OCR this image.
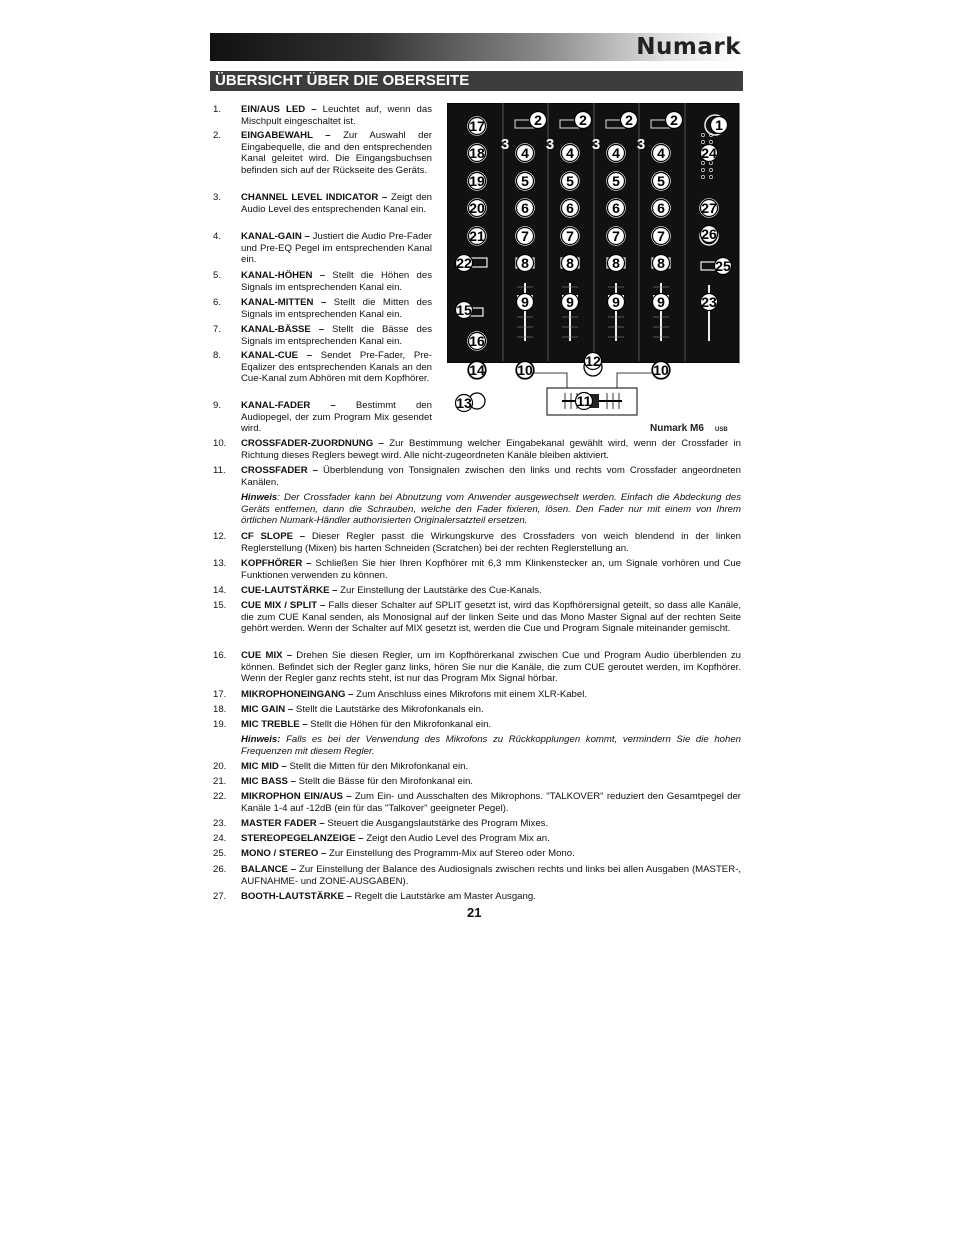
Numark
ÜBERSICHT ÜBER DIE OBERSEITE
17	2	2	2	2	1
18 3 4 3 4 3 4 3 4	24
19	5	5	5	5
20	6	6	6	6	27
21	7	7	7	7	26
22	8	8	8	8	25
15	9	9	9	9	23
16
14 10
12
10
13	11
Numark M6 USB
1. EIN/AUS LED – Leuchtet auf, wenn das Mischpult eingeschaltet ist.
2. EINGABEWAHL – Zur Auswahl der Eingabequelle, die and den entsprechenden Kanal geleitet wird. Die Eingangsbuchsen befinden sich auf der Rückseite des Geräts.
3. CHANNEL LEVEL INDICATOR – Zeigt den Audio Level des entsprechenden Kanal ein.
4. KANAL-GAIN – Justiert die Audio Pre-Fader und Pre-EQ Pegel im entsprechenden Kanal ein.
5. KANAL-HÖHEN – Stellt die Höhen des Signals im entsprechenden Kanal ein.
6. KANAL-MITTEN – Stellt die Mitten des Signals im entsprechenden Kanal ein.
7. KANAL-BÄSSE – Stellt die Bässe des Signals im entsprechenden Kanal ein.
8. KANAL-CUE – Sendet Pre-Fader, Pre-Eqalizer des entsprechenden Kanals an den Cue-Kanal zum Abhören mit dem Kopfhörer.
9. KANAL-FADER – Bestimmt den Audiopegel, der zum Program Mix gesendet wird.
10. CROSSFADER-ZUORDNUNG – Zur Bestimmung welcher Eingabekanal gewählt wird, wenn der Crossfader in Richtung dieses Reglers bewegt wird. Alle nicht-zugeordneten Kanäle bleiben aktiviert.
11. CROSSFADER – Überblendung von Tonsignalen zwischen den links und rechts vom Crossfader angeordneten Kanälen.
Hinweis: Der Crossfader kann bei Abnutzung vom Anwender ausgewechselt werden. Einfach die Abdeckung des Geräts entfernen, dann die Schrauben, welche den Fader fixieren, lösen. Den Fader nur mit einem von Ihrem örtlichen Numark-Händler authorisierten Originalersatzteil ersetzen.
12. CF SLOPE – Dieser Regler passt die Wirkungskurve des Crossfaders von weich blendend in der linken Reglerstellung (Mixen) bis harten Schneiden (Scratchen) bei der rechten Reglerstellung an.
13. KOPFHÖRER – Schließen Sie hier Ihren Kopfhörer mit 6,3 mm Klinkenstecker an, um Signale vorhören und Cue Funktionen verwenden zu können.
14. CUE-LAUTSTÄRKE – Zur Einstellung der Lautstärke des Cue-Kanals.
15. CUE MIX / SPLIT – Falls dieser Schalter auf SPLIT gesetzt ist, wird das Kopfhörersignal geteilt, so dass alle Kanäle, die zum CUE Kanal senden, als Monosignal auf der linken Seite und das Mono Master Signal auf der rechten Seite gehört werden. Wenn der Schalter auf MIX gesetzt ist, werden die Cue und Program Signale miteinander gemischt.
16. CUE MIX – Drehen Sie diesen Regler, um im Kopfhörerkanal zwischen Cue und Program Audio überblenden zu können. Befindet sich der Regler ganz links, hören Sie nur die Kanäle, die zum CUE geroutet werden, im Kopfhörer. Wenn der Regler ganz rechts steht, ist nur das Program Mix Signal hörbar.
17. MIKROPHONEINGANG – Zum Anschluss eines Mikrofons mit einem XLR-Kabel.
18. MIC GAIN – Stellt die Lautstärke des Mikrofonkanals ein.
19. MIC TREBLE – Stellt die Höhen für den Mikrofonkanal ein.
Hinweis: Falls es bei der Verwendung des Mikrofons zu Rückkopplungen kommt, vermindern Sie die hohen Frequenzen mit diesem Regler.
20. MIC MID – Stellt die Mitten für den Mikrofonkanal ein.
21. MIC BASS – Stellt die Bässe für den Mirofonkanal ein.
22. MIKROPHON EIN/AUS – Zum Ein- und Ausschalten des Mikrophons. "TALKOVER" reduziert den Gesamtpegel der Kanäle 1-4 auf -12dB (ein für das "Talkover" geeigneter Pegel).
23. MASTER FADER – Steuert die Ausgangslautstärke des Program Mixes.
24. STEREOPEGELANZEIGE – Zeigt den Audio Level des Program Mix an.
25. MONO / STEREO – Zur Einstellung des Programm-Mix auf Stereo oder Mono.
26. BALANCE – Zur Einstellung der Balance des Audiosignals zwischen rechts und links bei allen Ausgaben (MASTER-, AUFNAHME- und ZONE-AUSGABEN).
27. BOOTH-LAUTSTÄRKE – Regelt die Lautstärke am Master Ausgang.
21
